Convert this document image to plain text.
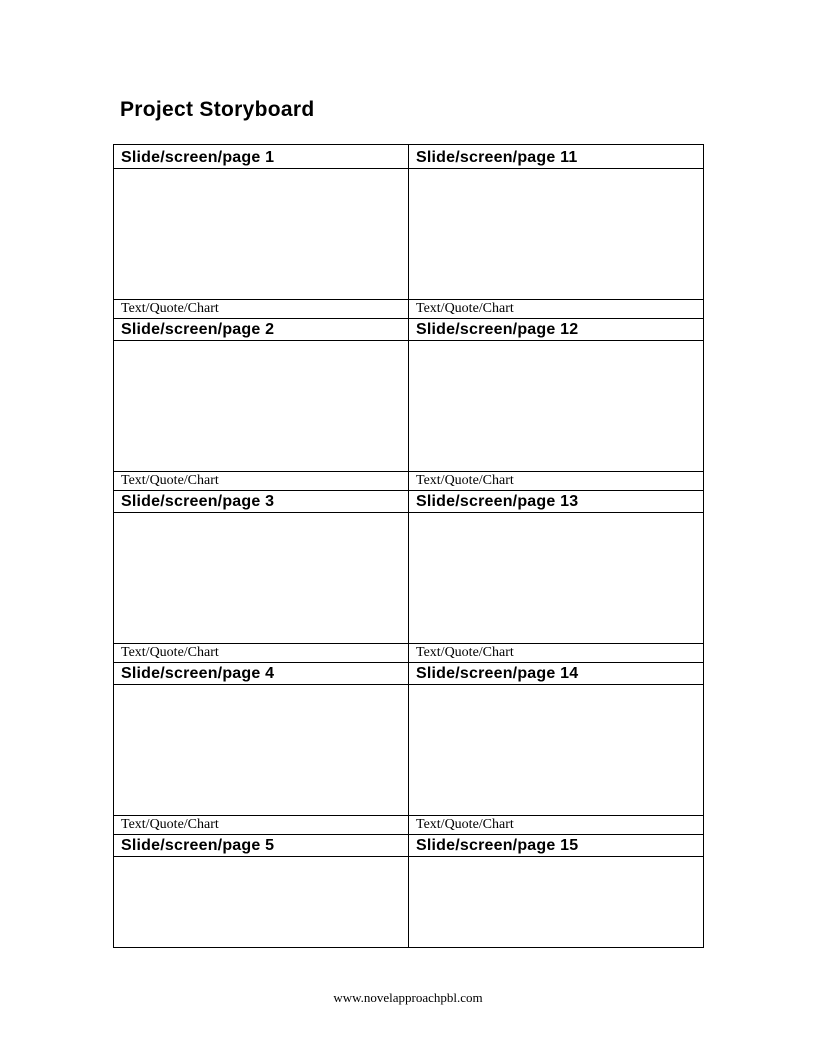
Project Storyboard
Slide/screen/page 1
Text/Quote/Chart
Slide/screen/page 11
Text/Quote/Chart
Slide/screen/page 2
Text/Quote/Chart
Slide/screen/page 12
Text/Quote/Chart
Slide/screen/page 3
Text/Quote/Chart
Slide/screen/page 13
Text/Quote/Chart
Slide/screen/page 4
Text/Quote/Chart
Slide/screen/page 14
Text/Quote/Chart
Slide/screen/page 5	Slide/screen/page 15
www.novelapproachpbl.com
